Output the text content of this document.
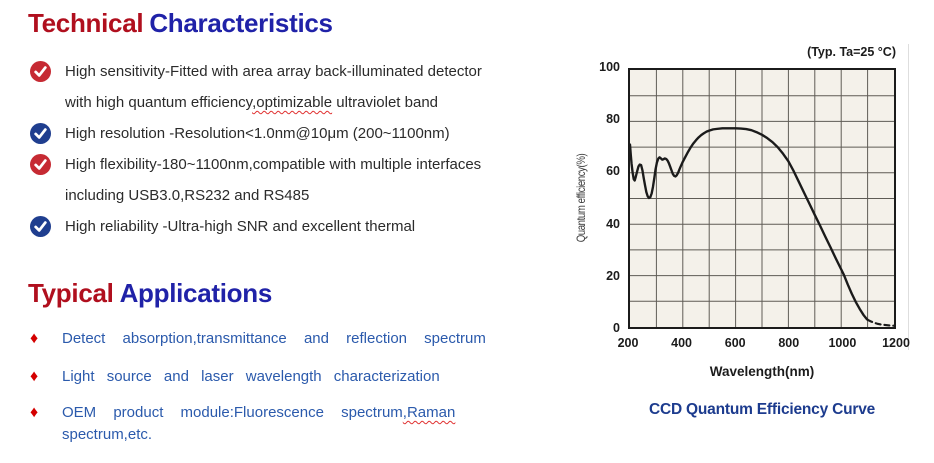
Technical Characteristics
High sensitivity-Fitted with area array back-illuminated detector
with high quantum efficiency,optimizable ultraviolet band
High resolution -Resolution<1.0nm@10μm (200~1100nm)
High flexibility-180~1100nm,compatible with multiple interfaces
including USB3.0,RS232 and RS485
High reliability -Ultra-high SNR and excellent thermal
Typical Applications
♦	Detect absorption,transmittance and reflection spectrum
♦	Light source and laser wavelength characterization
♦	OEM product module:Fluorescence spectrum,Raman
spectrum,etc.
(Typ. Ta=25 °C)
Quantum efficiency(%)
Wavelength(nm)
CCD Quantum Efficiency Curve
200	400	600	800	1000	1200
0
20
40
60
80
100
